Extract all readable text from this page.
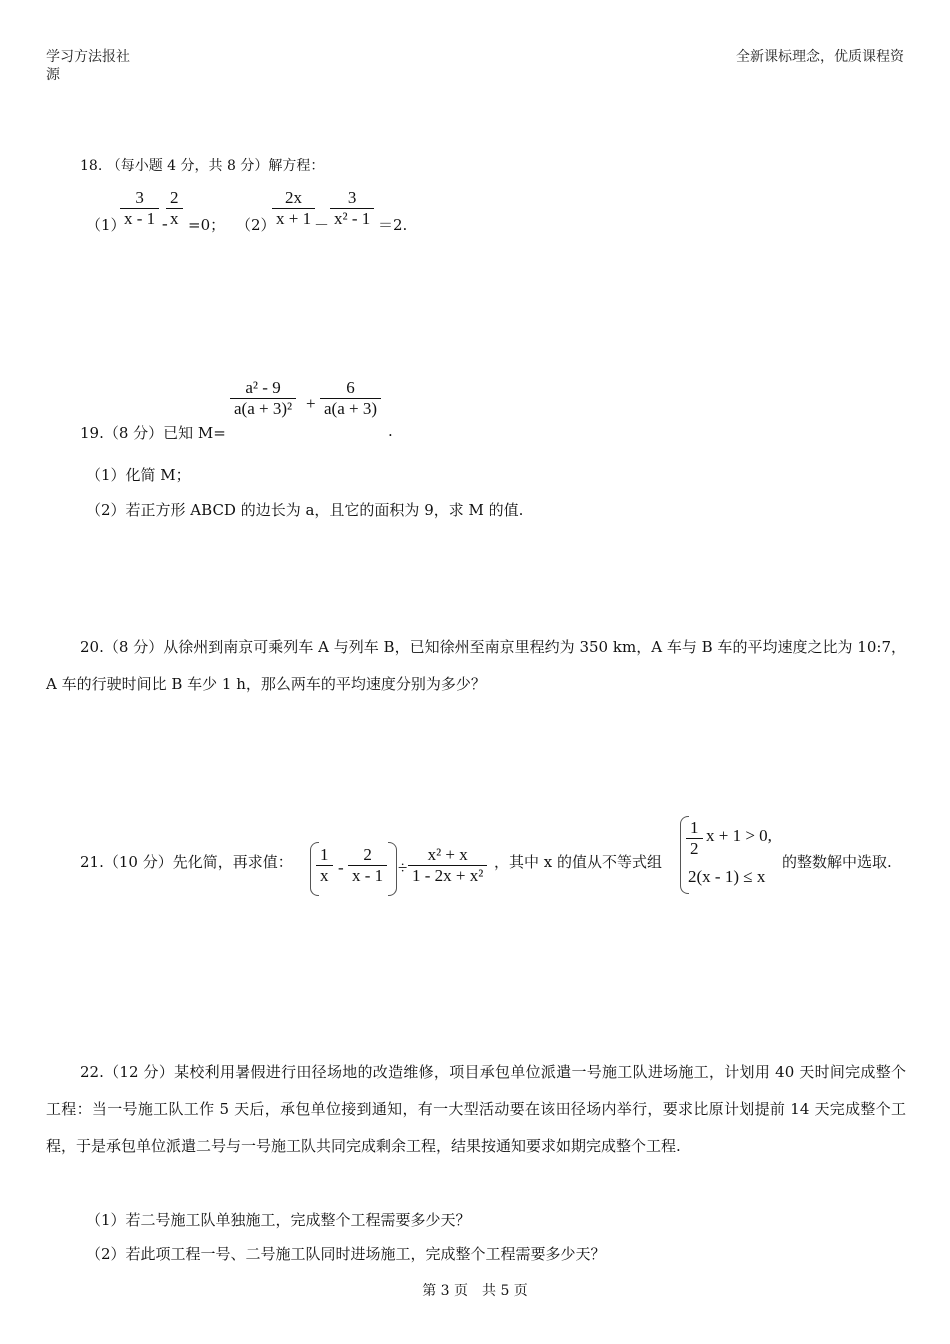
学习方法报社
源
全新课标理念，优质课程资
18. （每小题 4 分，共 8 分）解方程：
（1）
$\frac{3}{x - 1}$ -
$\frac{2}{x} =0$； （2）
$\frac{2x}{x + 1}$
－ $\frac{3}{\text{x² - 1}} =2$.
$\frac{\text{a² - 9}}{\text{a(a + 3)²}} + \frac{6}{a(a + 3)}$
19.（8 分）已知 M=	.
（1）化简 M；
（2）若正方形 ABCD 的边长为 a，且它的面积为 9，求 M 的值.
20.（8 分）从徐州到南京可乘列车 A 与列车 B，已知徐州至南京里程约为 350 km，A 车与 B 车的平均速度之比为 10:7，A 车的行驶时间比 B 车少 1 h，那么两车的平均速度分别为多少？
21.（10 分）先化简，再求值： $\frac{1}{x} - \frac{2}{x - 1} \div \frac{\text{x² + x}}{\text{1 - 2x + x²}}$ ，其中 x 的值从不等式组
$\frac{1}{2}$ x + 1 > 0,
2(x - 1) ≤ x
的整数解中选取.
22.（12 分）某校利用暑假进行田径场地的改造维修，项目承包单位派遣一号施工队进场施工，计划用 40 天时间完成整个工程：当一号施工队工作 5 天后，承包单位接到通知，有一大型活动要在该田径场内举行，要求比原计划提前 14 天完成整个工程，于是承包单位派遣二号与一号施工队共同完成剩余工程，结果按通知要求如期完成整个工程.
（1）若二号施工队单独施工，完成整个工程需要多少天？
（2）若此项工程一号、二号施工队同时进场施工，完成整个工程需要多少天？
第 3 页　共 5 页
